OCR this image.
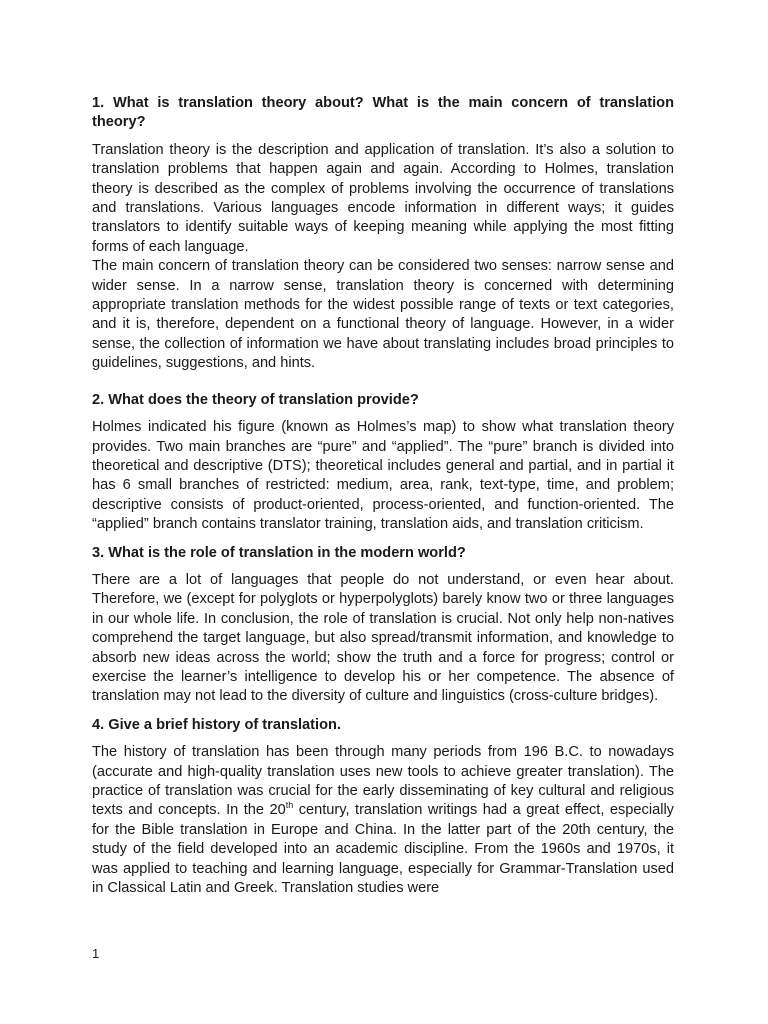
1. What is translation theory about? What is the main concern of translation theory?

Translation theory is the description and application of translation. It’s also a solution to translation problems that happen again and again. According to Holmes, translation theory is described as the complex of problems involving the occurrence of translations and translations. Various languages encode information in different ways; it guides translators to identify suitable ways of keeping meaning while applying the most fitting forms of each language.

The main concern of translation theory can be considered two senses: narrow sense and wider sense. In a narrow sense, translation theory is concerned with determining appropriate translation methods for the widest possible range of texts or text categories, and it is, therefore, dependent on a functional theory of language. However, in a wider sense, the collection of information we have about translating includes broad principles to guidelines, suggestions, and hints.

2. What does the theory of translation provide?

Holmes indicated his figure (known as Holmes’s map) to show what translation theory provides. Two main branches are “pure” and “applied”. The “pure” branch is divided into theoretical and descriptive (DTS); theoretical includes general and partial, and in partial it has 6 small branches of restricted: medium, area, rank, text-type, time, and problem; descriptive consists of product-oriented, process-oriented, and function-oriented. The “applied” branch contains translator training, translation aids, and translation criticism.

3. What is the role of translation in the modern world?

There are a lot of languages that people do not understand, or even hear about. Therefore, we (except for polyglots or hyperpolyglots) barely know two or three languages in our whole life. In conclusion, the role of translation is crucial. Not only help non-natives comprehend the target language, but also spread/transmit information, and knowledge to absorb new ideas across the world; show the truth and a force for progress; control or exercise the learner’s intelligence to develop his or her competence. The absence of translation may not lead to the diversity of culture and linguistics (cross-culture bridges).

4. Give a brief history of translation.

The history of translation has been through many periods from 196 B.C. to nowadays (accurate and high-quality translation uses new tools to achieve greater translation). The practice of translation was crucial for the early disseminating of key cultural and religious texts and concepts. In the 20th century, translation writings had a great effect, especially for the Bible translation in Europe and China. In the latter part of the 20th century, the study of the field developed into an academic discipline. From the 1960s and 1970s, it was applied to teaching and learning language, especially for Grammar-Translation used in Classical Latin and Greek. Translation studies were

1
